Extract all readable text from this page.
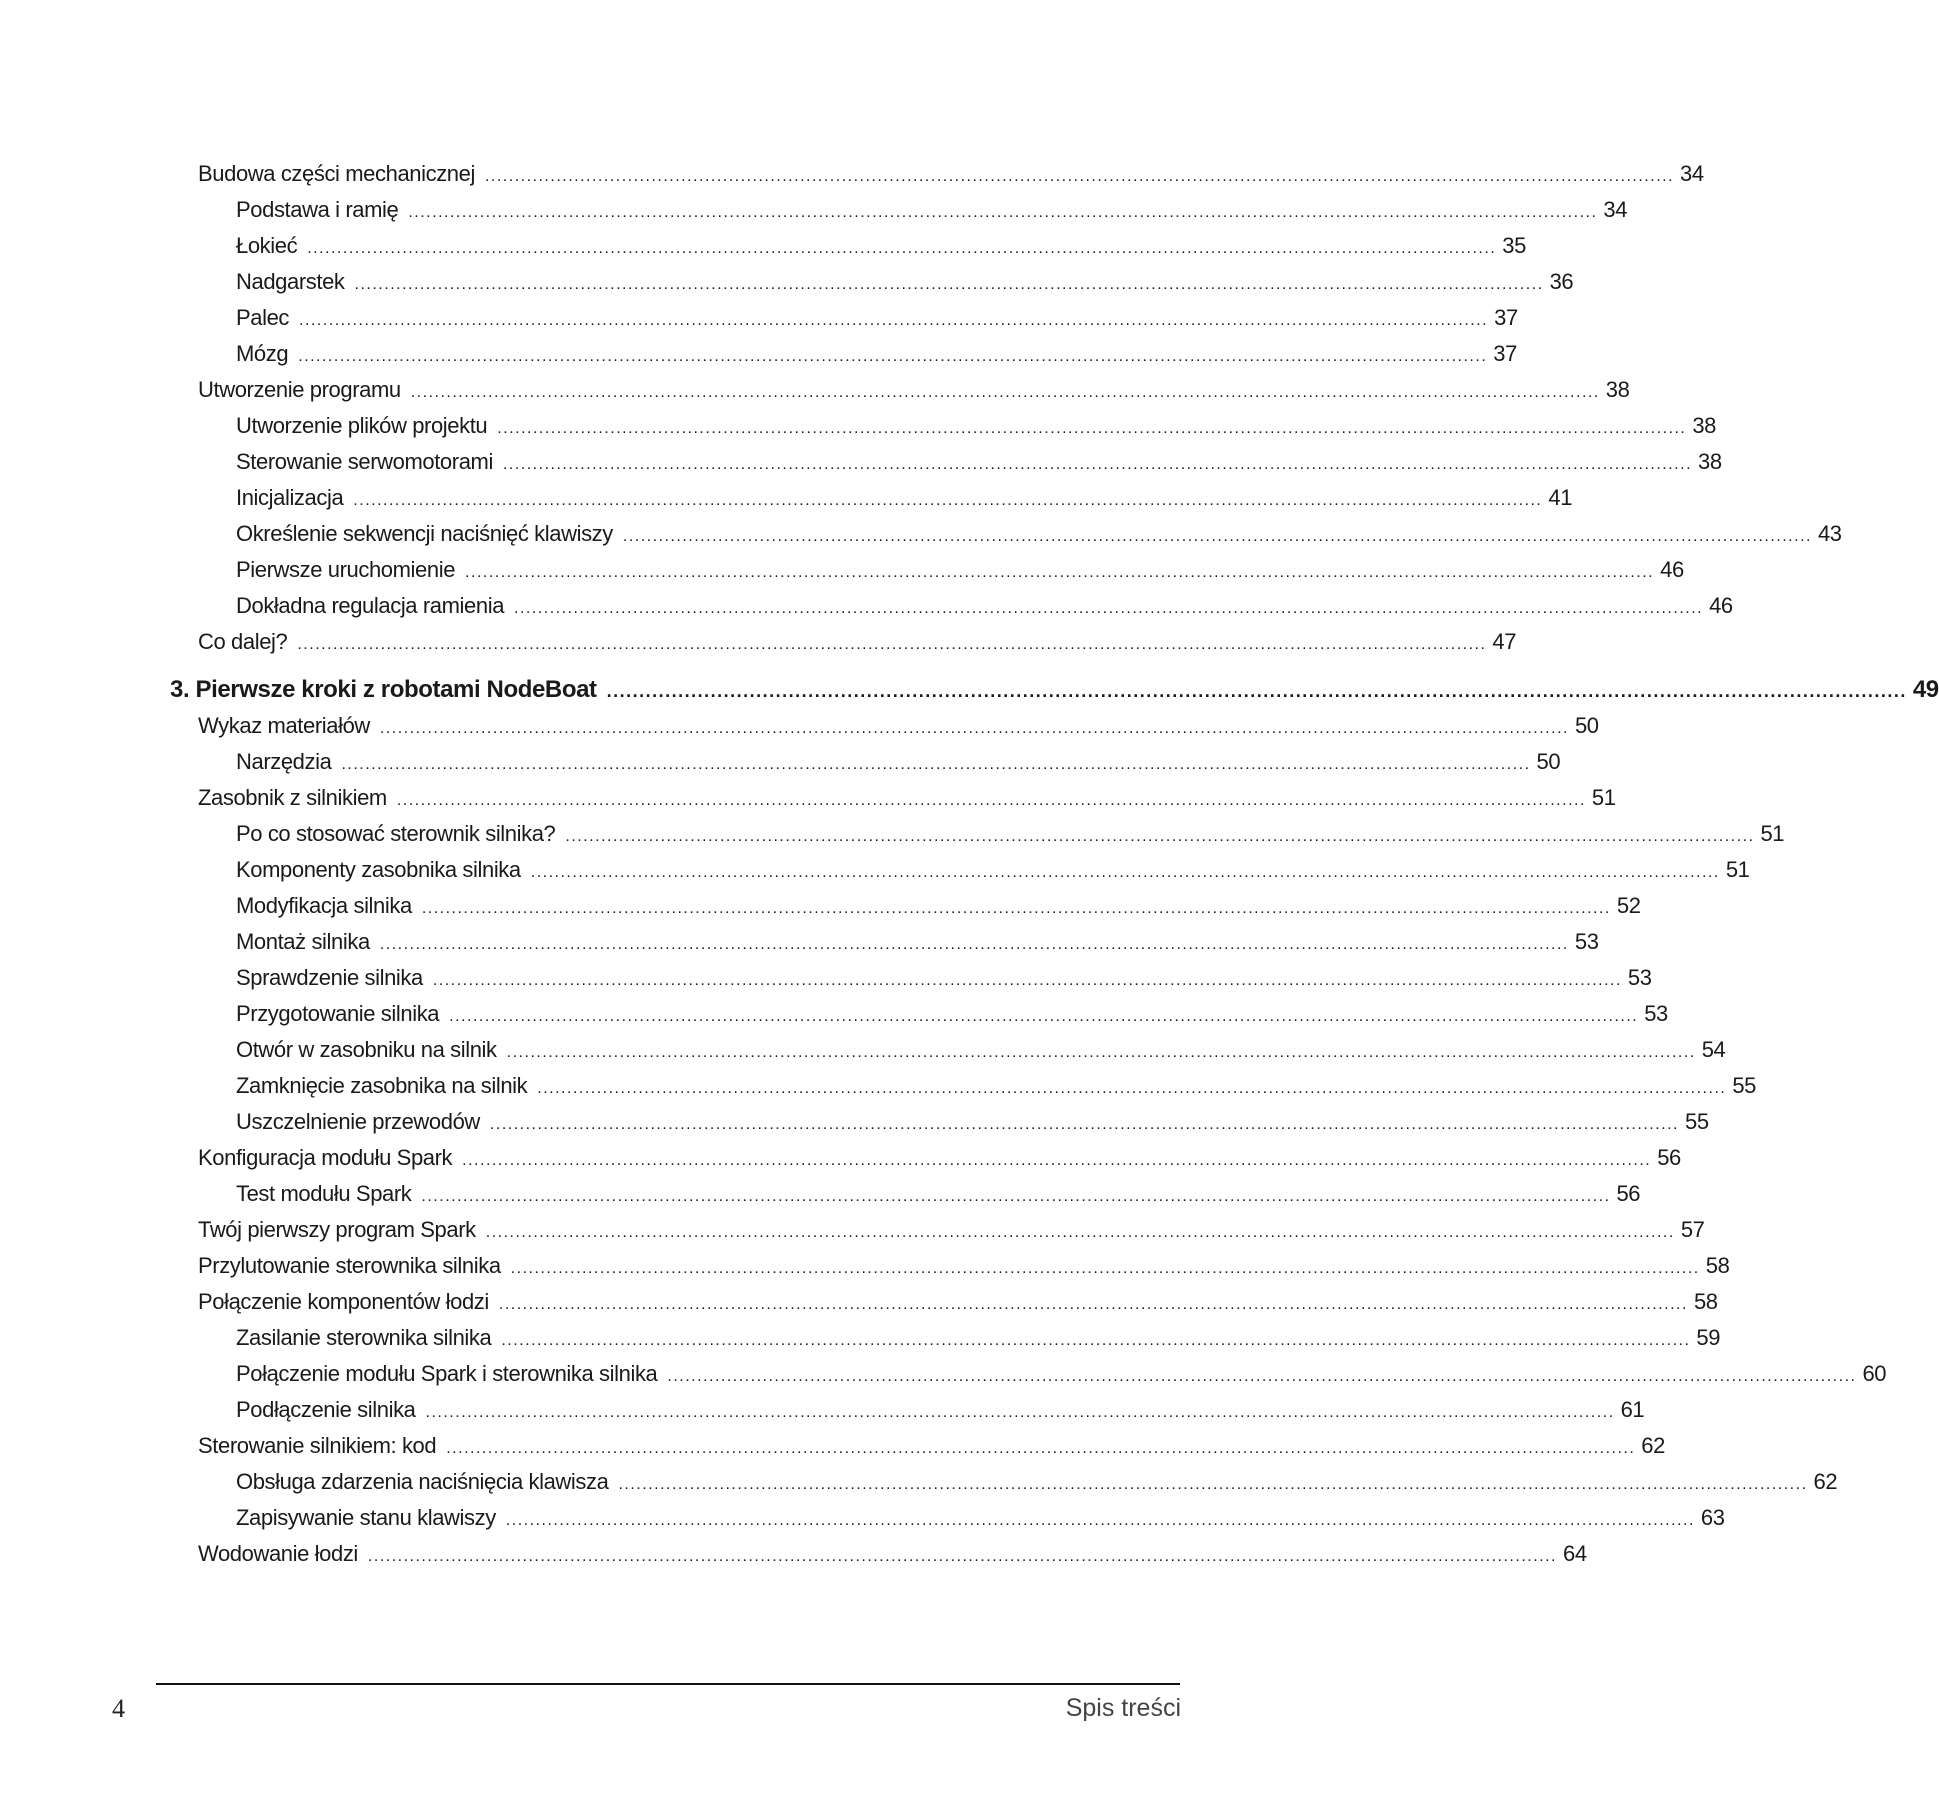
Budowa części mechanicznej ........................................................................................................................................................................................................ 34
Podstawa i ramię ........................................................................................................................................................................................................ 34
Łokieć ........................................................................................................................................................................................................ 35
Nadgarstek ........................................................................................................................................................................................................ 36
Palec ........................................................................................................................................................................................................ 37
Mózg ........................................................................................................................................................................................................ 37
Utworzenie programu ........................................................................................................................................................................................................ 38
Utworzenie plików projektu ........................................................................................................................................................................................................ 38
Sterowanie serwomotorami ........................................................................................................................................................................................................ 38
Inicjalizacja ........................................................................................................................................................................................................ 41
Określenie sekwencji naciśnięć klawiszy ........................................................................................................................................................................................................ 43
Pierwsze uruchomienie ........................................................................................................................................................................................................ 46
Dokładna regulacja ramienia ........................................................................................................................................................................................................ 46
Co dalej? ........................................................................................................................................................................................................ 47
3. Pierwsze kroki z robotami NodeBoat ........................................................................................................................................................................................................ 49
Wykaz materiałów ........................................................................................................................................................................................................ 50
Narzędzia ........................................................................................................................................................................................................ 50
Zasobnik z silnikiem ........................................................................................................................................................................................................ 51
Po co stosować sterownik silnika? ........................................................................................................................................................................................................ 51
Komponenty zasobnika silnika ........................................................................................................................................................................................................ 51
Modyfikacja silnika ........................................................................................................................................................................................................ 52
Montaż silnika ........................................................................................................................................................................................................ 53
Sprawdzenie silnika ........................................................................................................................................................................................................ 53
Przygotowanie silnika ........................................................................................................................................................................................................ 53
Otwór w zasobniku na silnik ........................................................................................................................................................................................................ 54
Zamknięcie zasobnika na silnik ........................................................................................................................................................................................................ 55
Uszczelnienie przewodów ........................................................................................................................................................................................................ 55
Konfiguracja modułu Spark ........................................................................................................................................................................................................ 56
Test modułu Spark ........................................................................................................................................................................................................ 56
Twój pierwszy program Spark ........................................................................................................................................................................................................ 57
Przylutowanie sterownika silnika ........................................................................................................................................................................................................ 58
Połączenie komponentów łodzi ........................................................................................................................................................................................................ 58
Zasilanie sterownika silnika ........................................................................................................................................................................................................ 59
Połączenie modułu Spark i sterownika silnika ........................................................................................................................................................................................................ 60
Podłączenie silnika ........................................................................................................................................................................................................ 61
Sterowanie silnikiem: kod ........................................................................................................................................................................................................ 62
Obsługa zdarzenia naciśnięcia klawisza ........................................................................................................................................................................................................ 62
Zapisywanie stanu klawiszy ........................................................................................................................................................................................................ 63
Wodowanie łodzi ........................................................................................................................................................................................................ 64
4	Spis treści
